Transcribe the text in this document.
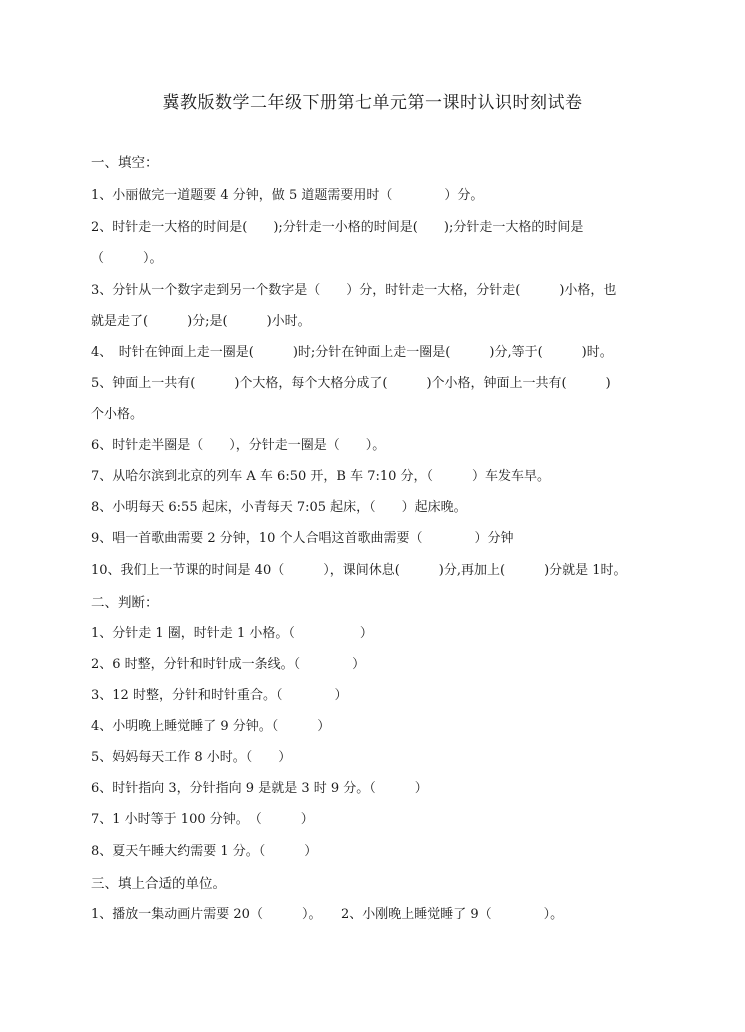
冀教版数学二年级下册第七单元第一课时认识时刻试卷
一、填空：
1、小丽做完一道题要 4 分钟，做 5 道题需要用时（　　　　）分。
2、时针走一大格的时间是(　　);分针走一小格的时间是(　　);分针走一大格的时间是
（　　　）。
3、分针从一个数字走到另一个数字是（　　）分，时针走一大格，分针走(　　　)小格，也
就是走了(　　　)分;是(　　　)小时。
4、　时针在钟面上走一圈是(　　　)时;分针在钟面上走一圈是(　　　)分,等于(　　　)时。
5、钟面上一共有(　　　)个大格，每个大格分成了(　　　)个小格，钟面上一共有(　　　)
个小格。
6、时针走半圈是（　　），分针走一圈是（　　）。
7、从哈尔滨到北京的列车 A 车 6:50 开，B 车 7:10 分，（　　　）车发车早。
8、小明每天 6:55 起床，小青每天 7:05 起床，（　　）起床晚。
9、唱一首歌曲需要 2 分钟，10 个人合唱这首歌曲需要（　　　　）分钟
10、我们上一节课的时间是 40（　　　），课间休息(　　　)分,再加上(　　　)分就是 1时。
二、判断：
1、分针走 1 圈，时针走 1 小格。（　　　　　）
2、6 时整，分针和时针成一条线。（　　　　）
3、12 时整，分针和时针重合。（　　　　）
4、小明晚上睡觉睡了 9 分钟。（　　　）
5、妈妈每天工作 8 小时。（　　）
6、时针指向 3，分针指向 9 是就是 3 时 9 分。（　　　）
7、1 小时等于 100 分钟。　（　　　）
8、夏天午睡大约需要 1 分。（　　　）
三、填上合适的单位。
1、播放一集动画片需要 20（　　　）。　　2、小刚晚上睡觉睡了 9（　　　　）。
